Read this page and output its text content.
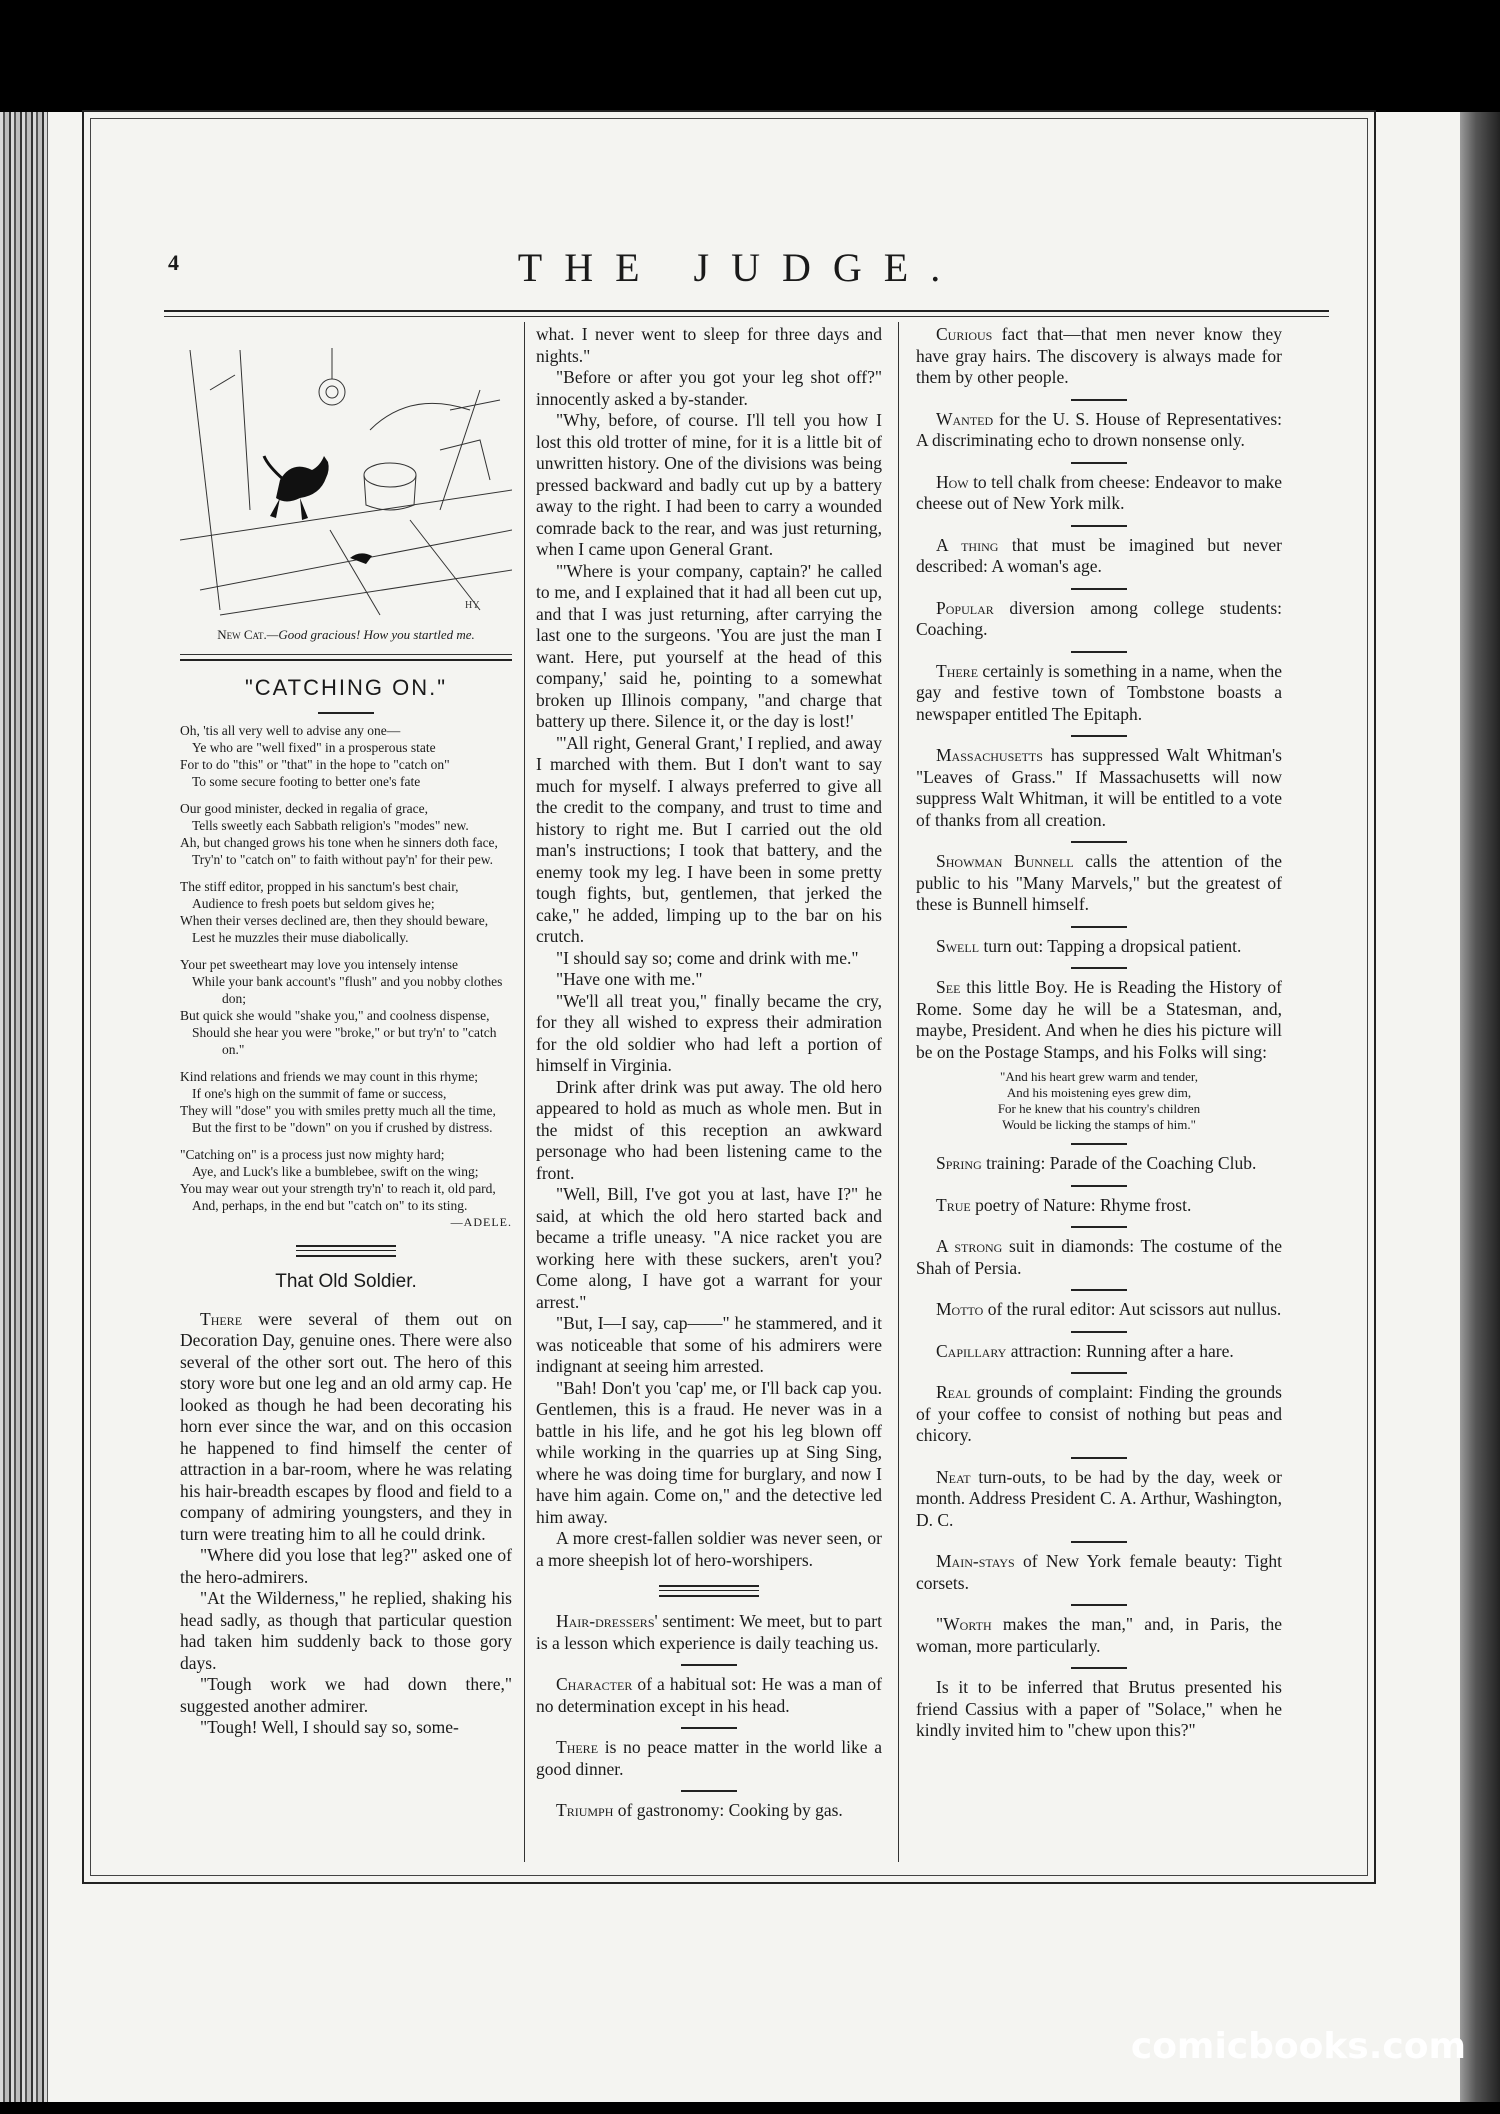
4	THE JUDGE.
HY
New Cat.—Good gracious! How you startled me.
"CATCHING ON."
Oh, 'tis all very well to advise any one—
Ye who are "well fixed" in a prosperous state
For to do "this" or "that" in the hope to "catch on"
To some secure footing to better one's fate
Our good minister, decked in regalia of grace,
Tells sweetly each Sabbath religion's "modes" new.
Ah, but changed grows his tone when he sinners doth face,
Try'n' to "catch on" to faith without pay'n' for their pew.
The stiff editor, propped in his sanctum's best chair,
Audience to fresh poets but seldom gives he;
When their verses declined are, then they should beware,
Lest he muzzles their muse diabolically.
Your pet sweetheart may love you intensely intense
While your bank account's "flush" and you nobby clothes don;
But quick she would "shake you," and coolness dispense,
Should she hear you were "broke," or but try'n' to "catch on."
Kind relations and friends we may count in this rhyme;
If one's high on the summit of fame or success,
They will "dose" you with smiles pretty much all the time,
But the first to be "down" on you if crushed by distress.
"Catching on" is a process just now mighty hard;
Aye, and Luck's like a bumblebee, swift on the wing;
You may wear out your strength try'n' to reach it, old pard,
And, perhaps, in the end but "catch on" to its sting.
—ADELE.
That Old Soldier.

There were several of them out on Decoration Day, genuine ones. There were also several of the other sort out. The hero of this story wore but one leg and an old army cap. He looked as though he had been decorating his horn ever since the war, and on this occasion he happened to find himself the center of attraction in a bar-room, where he was relating his hair-breadth escapes by flood and field to a company of admiring youngsters, and they in turn were treating him to all he could drink.

"Where did you lose that leg?" asked one of the hero-admirers.

"At the Wilderness," he replied, shaking his head sadly, as though that particular question had taken him suddenly back to those gory days.

"Tough work we had down there," suggested another admirer.

"Tough! Well, I should say so, some-

what. I never went to sleep for three days and nights."

"Before or after you got your leg shot off?" innocently asked a by-stander.

"Why, before, of course. I'll tell you how I lost this old trotter of mine, for it is a little bit of unwritten history. One of the divisions was being pressed backward and badly cut up by a battery away to the right. I had been to carry a wounded comrade back to the rear, and was just returning, when I came upon General Grant.

"'Where is your company, captain?' he called to me, and I explained that it had all been cut up, and that I was just returning, after carrying the last one to the surgeons. 'You are just the man I want. Here, put yourself at the head of this company,' said he, pointing to a somewhat broken up Illinois company, "and charge that battery up there. Silence it, or the day is lost!'

"'All right, General Grant,' I replied, and away I marched with them. But I don't want to say much for myself. I always preferred to give all the credit to the company, and trust to time and history to right me. But I carried out the old man's instructions; I took that battery, and the enemy took my leg. I have been in some pretty tough fights, but, gentlemen, that jerked the cake," he added, limping up to the bar on his crutch.

"I should say so; come and drink with me."

"Have one with me."

"We'll all treat you," finally became the cry, for they all wished to express their admiration for the old soldier who had left a portion of himself in Virginia.

Drink after drink was put away. The old hero appeared to hold as much as whole men. But in the midst of this reception an awkward personage who had been listening came to the front.

"Well, Bill, I've got you at last, have I?" he said, at which the old hero started back and became a trifle uneasy. "A nice racket you are working here with these suckers, aren't you? Come along, I have got a warrant for your arrest."

"But, I—I say, cap——" he stammered, and it was noticeable that some of his admirers were indignant at seeing him arrested.

"Bah! Don't you 'cap' me, or I'll back cap you. Gentlemen, this is a fraud. He never was in a battle in his life, and he got his leg blown off while working in the quarries up at Sing Sing, where he was doing time for burglary, and now I have him again. Come on," and the detective led him away.

A more crest-fallen soldier was never seen, or a more sheepish lot of hero-worshipers.

Hair-dressers' sentiment: We meet, but to part is a lesson which experience is daily teaching us.

Character of a habitual sot: He was a man of no determination except in his head.

There is no peace matter in the world like a good dinner.

Triumph of gastronomy: Cooking by gas.

Curious fact that—that men never know they have gray hairs. The discovery is always made for them by other people.

Wanted for the U. S. House of Representatives: A discriminating echo to drown nonsense only.

How to tell chalk from cheese: Endeavor to make cheese out of New York milk.

A thing that must be imagined but never described: A woman's age.

Popular diversion among college students: Coaching.

There certainly is something in a name, when the gay and festive town of Tombstone boasts a newspaper entitled The Epitaph.

Massachusetts has suppressed Walt Whitman's "Leaves of Grass." If Massachusetts will now suppress Walt Whitman, it will be entitled to a vote of thanks from all creation.

Showman Bunnell calls the attention of the public to his "Many Marvels," but the greatest of these is Bunnell himself.

Swell turn out: Tapping a dropsical patient.

See this little Boy. He is Reading the History of Rome. Some day he will be a Statesman, and, maybe, President. And when he dies his picture will be on the Postage Stamps, and his Folks will sing:

"And his heart grew warm and tender,
And his moistening eyes grew dim,
For he knew that his country's children
Would be licking the stamps of him."

Spring training: Parade of the Coaching Club.

True poetry of Nature: Rhyme frost.

A strong suit in diamonds: The costume of the Shah of Persia.

Motto of the rural editor: Aut scissors aut nullus.

Capillary attraction: Running after a hare.

Real grounds of complaint: Finding the grounds of your coffee to consist of nothing but peas and chicory.

Neat turn-outs, to be had by the day, week or month. Address President C. A. Arthur, Washington, D. C.

Main-stays of New York female beauty: Tight corsets.

"Worth makes the man," and, in Paris, the woman, more particularly.

Is it to be inferred that Brutus presented his friend Cassius with a paper of "Solace," when he kindly invited him to "chew upon this?"

comicbooks.com
